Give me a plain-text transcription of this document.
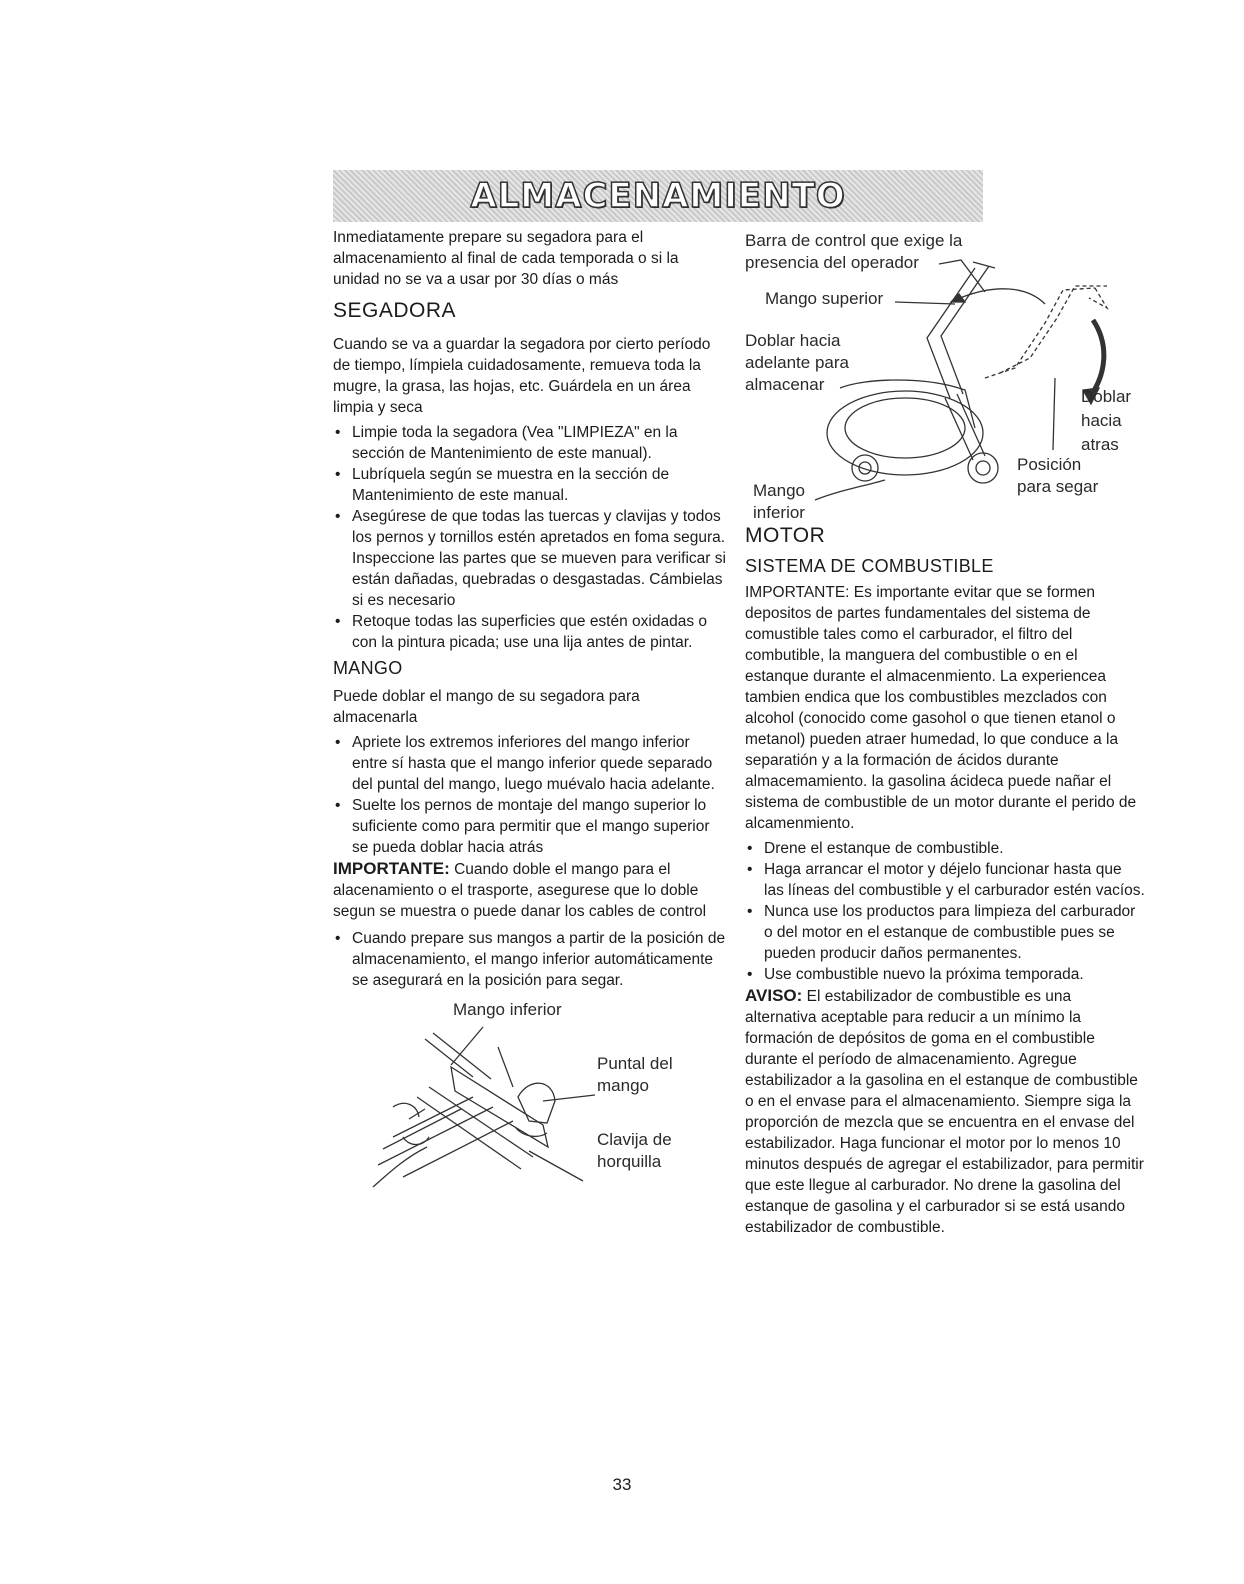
ALMACENAMIENTO

Inmediatamente prepare su segadora para el almacenamiento al final de cada temporada o si la unidad no se va a usar por 30 días o más

SEGADORA

Cuando se va a guardar la segadora por cierto período de tiempo, límpiela cuidadosamente, remueva toda la mugre, la grasa, las hojas, etc. Guárdela en un área limpia y seca

• Limpie toda la segadora (Vea "LIMPIEZA" en la sección de Mantenimiento de este manual).
• Lubríquela según se muestra en la sección de Mantenimiento de este manual.
• Asegúrese de que todas las tuercas y clavijas y todos los pernos y tornillos estén apretados en foma segura. Inspeccione las partes que se mueven para verificar si están dañadas, quebradas o desgastadas. Cámbielas si es necesario
• Retoque todas las superficies que estén oxidadas o con la pintura picada; use una lija antes de pintar.
MANGO

Puede doblar el mango de su segadora para almacenarla

• Apriete los extremos inferiores del mango inferior entre sí hasta que el mango inferior quede separado del puntal del mango, luego muévalo hacia adelante.
• Suelte los pernos de montaje del mango superior lo suficiente como para permitir que el mango superior se pueda doblar hacia atrás

IMPORTANTE: Cuando doble el mango para el alacenamiento o el trasporte, asegurese que lo doble segun se muestra o puede danar los cables de control

• Cuando prepare sus mangos a partir de la posición de almacenamiento, el mango inferior automáticamente se asegurará en la posición para segar.
Mango inferior
Puntal del
mango
Clavija de
horquilla
Barra de control que exige la
presencia del operador
Mango superior
Doblar hacia
adelante para
almacenar
Doblar
hacia
atras
Posición
para segar
Mango
inferior
MOTOR
SISTEMA DE COMBUSTIBLE

IMPORTANTE: Es importante evitar que se formen depositos de partes fundamentales del sistema de comustible tales como el carburador, el filtro del combutible, la manguera del combustible o en el estanque durante el almacenmiento. La experiencea tambien endica que los combustibles mezclados con alcohol (conocido come gasohol o que tienen etanol o metanol) pueden atraer humedad, lo que conduce a la separatión y a la formación de ácidos durante almacemamiento. la gasolina ácideca puede nañar el sistema de combustible de un motor durante el perido de alcamenmiento.

• Drene el estanque de combustible.
• Haga arrancar el motor y déjelo funcionar hasta que las líneas del combustible y el carburador estén vacíos.
• Nunca use los productos para limpieza del carburador o del motor en el estanque de combustible pues se pueden producir daños permanentes.
• Use combustible nuevo la próxima temporada.

AVISO: El estabilizador de combustible es una alternativa aceptable para reducir a un mínimo la formación de depósitos de goma en el combustible durante el período de almacenamiento. Agregue estabilizador a la gasolina en el estanque de combustible o en el envase para el almacenamiento. Siempre siga la proporción de mezcla que se encuentra en el envase del estabilizador. Haga funcionar el motor por lo menos 10 minutos después de agregar el estabilizador, para permitir que este llegue al carburador. No drene la gasolina del estanque de gasolina y el carburador si se está usando estabilizador de combustible.

33
